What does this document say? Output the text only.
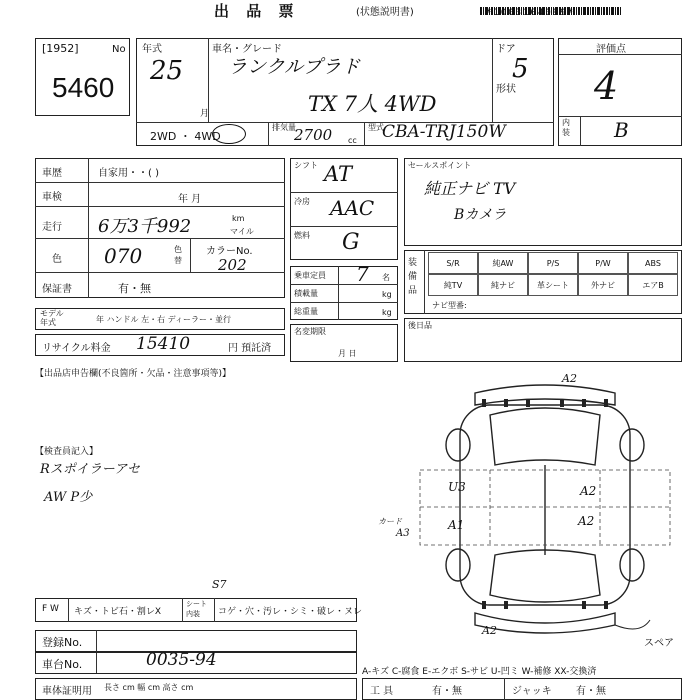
出 品 票	(状態説明書)	*1003104099*
[1952]	No
5460
年式
25
月
車名・グレード
ランクルプラド
TX 7人 4WD
ドア
5
形状
2WD ・ 4WD
排気量
2700 cc
型式
CBA-TRJ150W
評価点
4
内装 B
車歴	自家用・・( )
車検	年 月
走行 6万3千992	km
マイル
色 070	色替
カラーNo.
202
保証書	有・無
モデル年式	年 ハンドル 左・右 ディーラー・並行
リサイクル料金 15410	円 預託済
シフト AT
冷房 AAC
燃料 G
乗車定員 7 名
積載量	kg
総重量	kg
名変期限
月 日
セールスポイント
純正ナビ TV
Bカメラ
装備品
S/R	純AW	P/S	P/W	ABS
純TV	純ナビ	革シート	外ナビ	エアB
ナビ型番:
後日品
【出品店申告欄(不良箇所・欠品・注意事項等)】
【検査員記入】
Rスポイラーアセ
AW P少
A2
U3	A2
A1	A2
カード
A3
S7
A2
スペア
F W キズ・トビ石・割レX
シート内装	コゲ・穴・汚レ・シミ・破レ・ヌレ
登録No.
車台No.	0035-94
車体証明用 長さ cm 幅 cm 高さ cm
A-キズ C-腐食 E-エクボ S-サビ U-凹ミ W-補修 XX-交換済
工 具	有・無	ジャッキ 有・無
